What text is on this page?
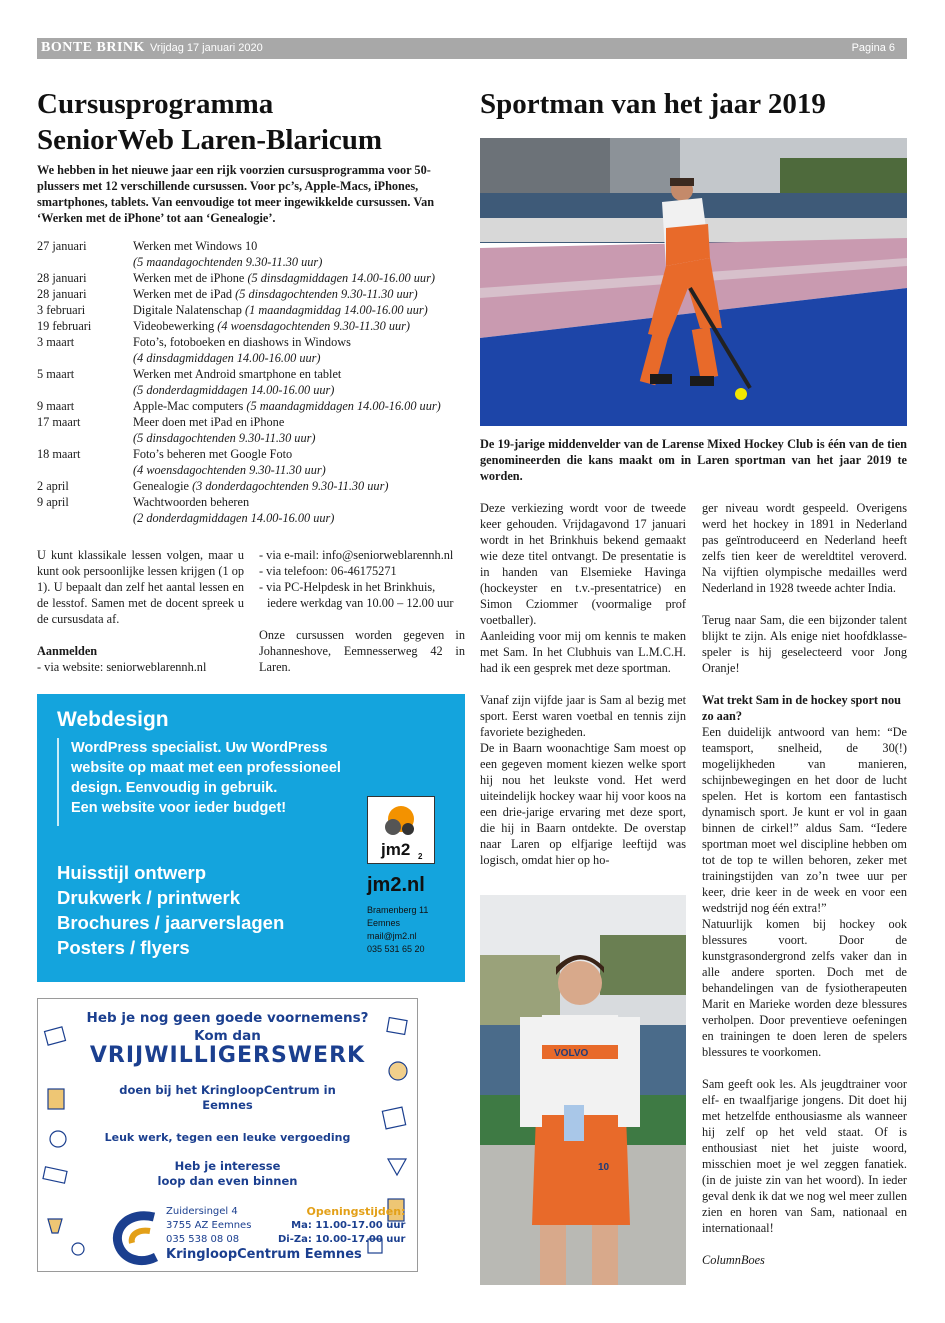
BONTE BRINK Vrijdag 17 januari 2020	Pagina 6
Cursusprogramma
SeniorWeb Laren-Blaricum
We hebben in het nieuwe jaar een rijk voorzien cursusprogramma voor 50-plussers met 12 verschillende cursussen. Voor pc’s, Apple-Macs, iPhones, smartphones, tablets. Van eenvoudige tot meer ingewikkelde cursussen. Van ‘Werken met de iPhone’ tot aan ‘Genealogie’.
27 januari	Werken met Windows 10
(5 maandagochtenden 9.30-11.30 uur)
28 januari	Werken met de iPhone (5 dinsdagmiddagen 14.00-16.00 uur)
28 januari	Werken met de iPad (5 dinsdagochtenden 9.30-11.30 uur)
3 februari	Digitale Nalatenschap (1 maandagmiddag 14.00-16.00 uur)
19 februari	Videobewerking (4 woensdagochtenden 9.30-11.30 uur)
3 maart	Foto’s, fotoboeken en diashows in Windows
(4 dinsdagmiddagen 14.00-16.00 uur)
5 maart	Werken met Android smartphone en tablet
(5 donderdagmiddagen 14.00-16.00 uur)
9 maart	Apple-Mac computers (5 maandagmiddagen 14.00-16.00 uur)
17 maart	Meer doen met iPad en iPhone
(5 dinsdagochtenden 9.30-11.30 uur)
18 maart	Foto’s beheren met Google Foto
(4 woensdagochtenden 9.30-11.30 uur)
2 april	Genealogie (3 donderdagochtenden 9.30-11.30 uur)
9 april	Wachtwoorden beheren
(2 donderdagmiddagen 14.00-16.00 uur)

U kunt klassikale lessen volgen, maar u kunt ook persoonlijke lessen krijgen (1 op 1). U bepaalt dan zelf het aantal lessen en de lesstof. Samen met de docent spreek u de cursusdata af.

Aanmelden

- via website: seniorweblarennh.nl

- via e-mail: info@seniorweblarennh.nl
- via telefoon: 06-46175271
- via PC-Helpdesk in het Brinkhuis,
iedere werkdag van 10.00 – 12.00 uur

Onze cursussen worden gegeven in Johanneshove, Eemnesserweg 42 in Laren.

Webdesign
WordPress specialist. Uw WordPress
website op maat met een professioneel
design. Eenvoudig in gebruik.
Een website voor ieder budget!
Huisstijl ontwerp
Drukwerk / printwerk
Brochures / jaarverslagen
Posters / flyers
jm2 2
jm2.nl
Bramenberg 11
Eemnes
mail@jm2.nl
035 531 65 20
Heb je nog geen goede voornemens?
Kom dan
VRIJWILLIGERSWERK
doen bij het KringloopCentrum in
Eemnes
Leuk werk, tegen een leuke vergoeding
Heb je interesse
loop dan even binnen
Zuidersingel 4
3755 AZ Eemnes
035 538 08 08
Openingstijden:
Ma: 11.00-17.00 uur
Di-Za: 10.00-17.00 uur
KringloopCentrum Eemnes
Sportman van het jaar 2019
De 19-jarige middenvelder van de Larense Mixed Hockey Club is één van de tien genomineerden die kans maakt om in Laren sportman van het jaar 2019 te worden.

Deze verkiezing wordt voor de tweede keer gehouden. Vrijdagavond 17 januari wordt in het Brinkhuis bekend gemaakt wie deze titel ontvangt. De presentatie is in handen van Elsemieke Havinga (hockeyster en t.v.-presentatrice) en Simon Cziommer (voormalige prof voetballer).

Aanleiding voor mij om kennis te maken met Sam. In het Clubhuis van L.M.C.H. had ik een gesprek met deze sportman.

Vanaf zijn vijfde jaar is Sam al bezig met sport. Eerst waren voetbal en tennis zijn favoriete bezigheden.

De in Baarn woonachtige Sam moest op een gegeven moment kiezen welke sport hij nou het leukste vond. Het werd uiteindelijk hockey waar hij voor koos na een drie-jarige ervaring met deze sport, die hij in Baarn ontdekte. De overstap naar Laren op elfjarige leeftijd was logisch, omdat hier op ho-

VOLVO
10

ger niveau wordt gespeeld. Overigens werd het hockey in 1891 in Nederland pas geïntroduceerd en Nederland heeft zelfs tien keer de wereldtitel veroverd. Na vijftien olympische medailles werd Nederland in 1928 tweede achter India.

Terug naar Sam, die een bijzonder talent blijkt te zijn. Als enige niet hoofdklasse-speler is hij geselecteerd voor Jong Oranje!

Wat trekt Sam in de hockey sport nou zo aan?

Een duidelijk antwoord van hem: “De teamsport, snelheid, de 30(!) mogelijkheden van manieren, schijnbewegingen en het door de lucht spelen. Het is kortom een fantastisch dynamisch sport. Je kunt er vol in gaan binnen de cirkel!” aldus Sam. “Iedere sportman moet wel discipline hebben om tot de top te willen behoren, zeker met trainingstijden van zo’n twee uur per keer, drie keer in de week en voor een wedstrijd nog één extra!”

Natuurlijk komen bij hockey ook blessures voort. Door de kunstgrasondergrond zelfs vaker dan in alle andere sporten. Doch met de behandelingen van de fysiotherapeuten Marit en Marieke worden deze blessures verholpen. Door preventieve oefeningen en trainingen te doen leren de spelers blessures te voorkomen.

Sam geeft ook les. Als jeugdtrainer voor elf- en twaalfjarige jongens. Dit doet hij met hetzelfde enthousiasme als wanneer hij zelf op het veld staat. Of is enthousiast niet het juiste woord, misschien moet je wel zeggen fanatiek. (in de juiste zin van het woord). In ieder geval denk ik dat we nog wel meer zullen zien en horen van Sam, nationaal en internationaal!

ColumnBoes
